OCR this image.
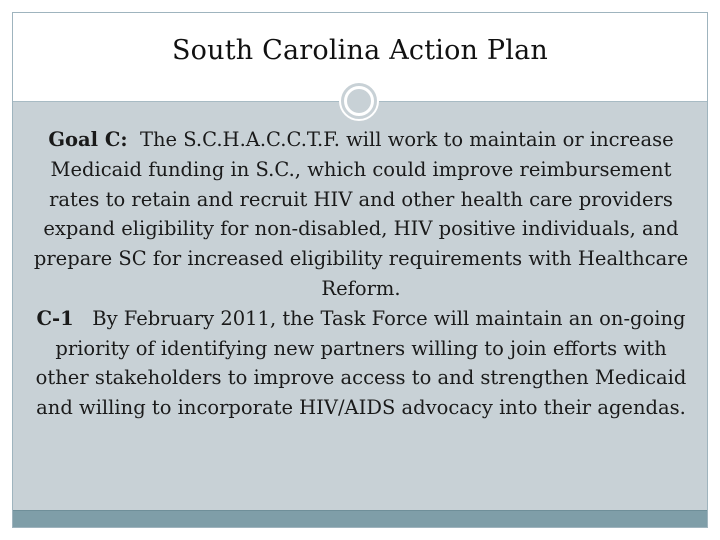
South Carolina Action Plan

Goal C: The S.C.H.A.C.C.T.F. will work to maintain or increase Medicaid funding in S.C., which could improve reimbursement rates to retain and recruit HIV and other health care providers expand eligibility for non-disabled, HIV positive individuals, and prepare SC for increased eligibility requirements with Healthcare Reform.

C-1 By February 2011, the Task Force will maintain an on-going priority of identifying new partners willing to join efforts with other stakeholders to improve access to and strengthen Medicaid and willing to incorporate HIV/AIDS advocacy into their agendas.
